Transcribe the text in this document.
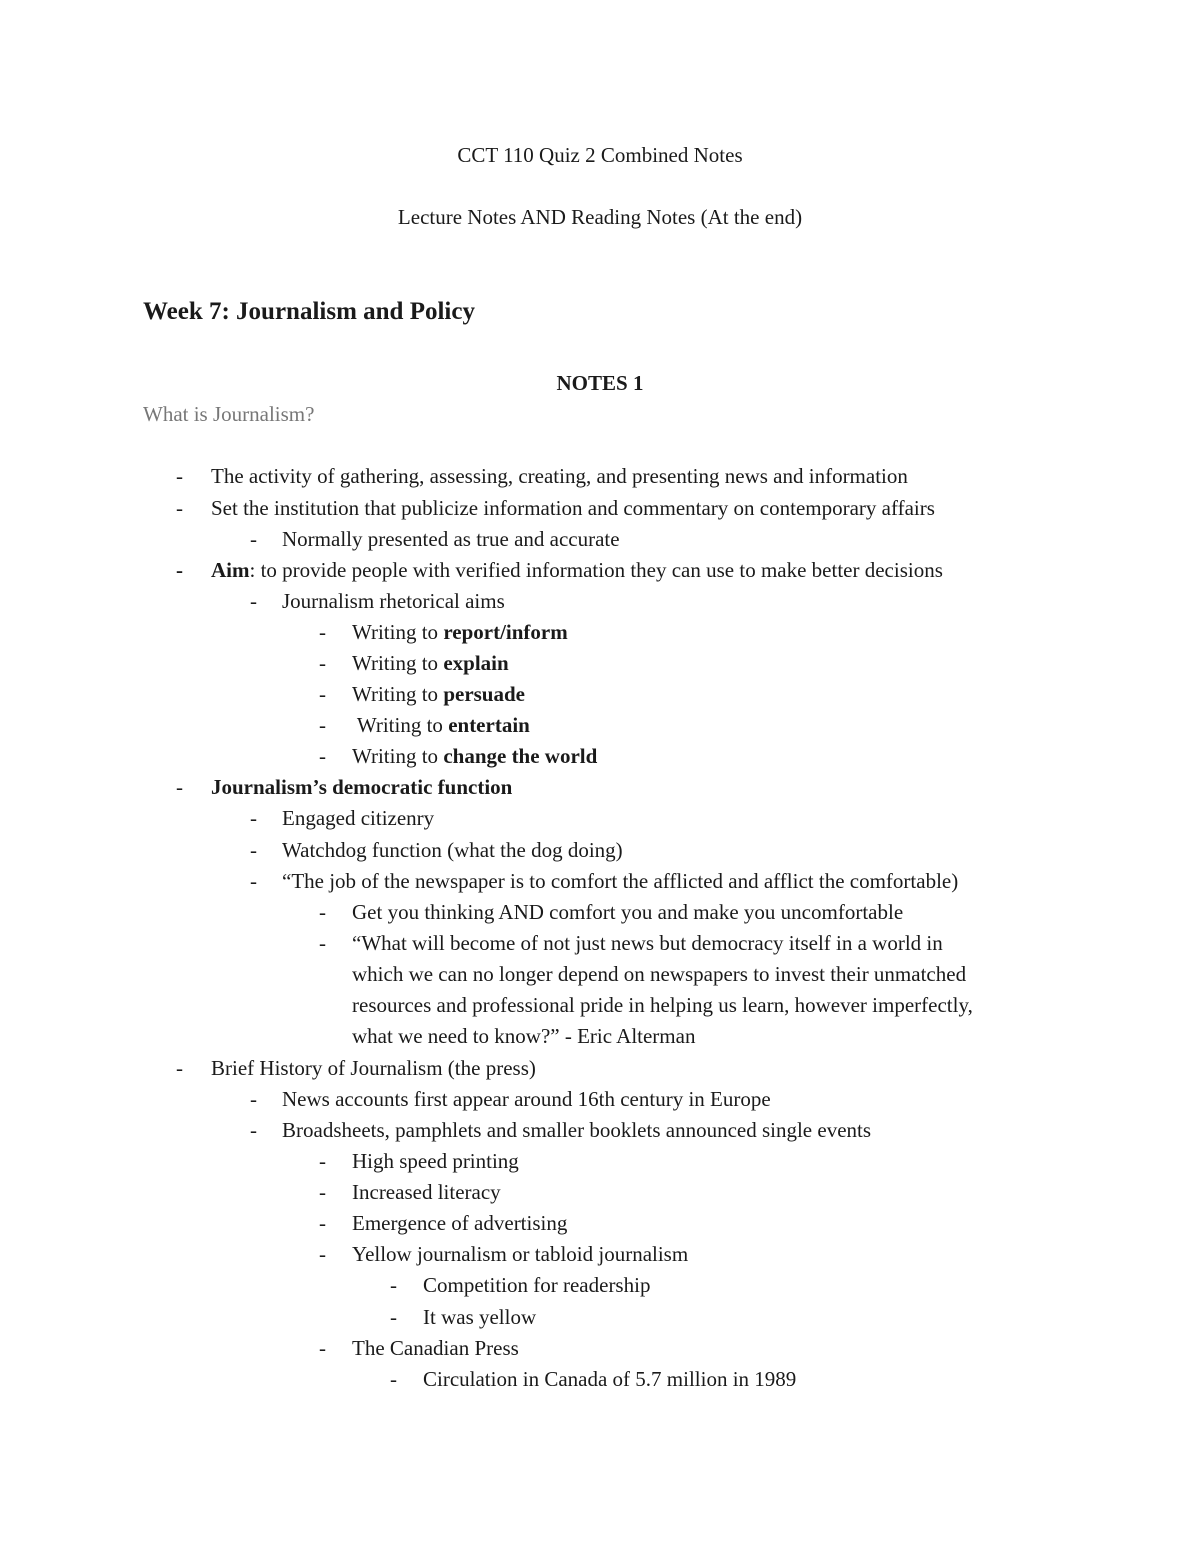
CCT 110 Quiz 2 Combined Notes
Lecture Notes AND Reading Notes (At the end)
Week 7: Journalism and Policy
NOTES 1
What is Journalism?
-	The activity of gathering, assessing, creating, and presenting news and information
-	Set the institution that publicize information and commentary on contemporary affairs
-	Normally presented as true and accurate
-	Aim: to provide people with verified information they can use to make better decisions
-	Journalism rhetorical aims
-	Writing to report/inform
-	Writing to explain
-	Writing to persuade
-	Writing to entertain
-	Writing to change the world
-	Journalism’s democratic function
-	Engaged citizenry
-	Watchdog function (what the dog doing)
-	“The job of the newspaper is to comfort the afflicted and afflict the comfortable)
-	Get you thinking AND comfort you and make you uncomfortable
-	“What will become of not just news but democracy itself in a world in
which we can no longer depend on newspapers to invest their unmatched
resources and professional pride in helping us learn, however imperfectly,
what we need to know?” - Eric Alterman
-	Brief History of Journalism (the press)
-	News accounts first appear around 16th century in Europe
-	Broadsheets, pamphlets and smaller booklets announced single events
-	High speed printing
-	Increased literacy
-	Emergence of advertising
-	Yellow journalism or tabloid journalism
-	Competition for readership
-	It was yellow
-	The Canadian Press
-	Circulation in Canada of 5.7 million in 1989
